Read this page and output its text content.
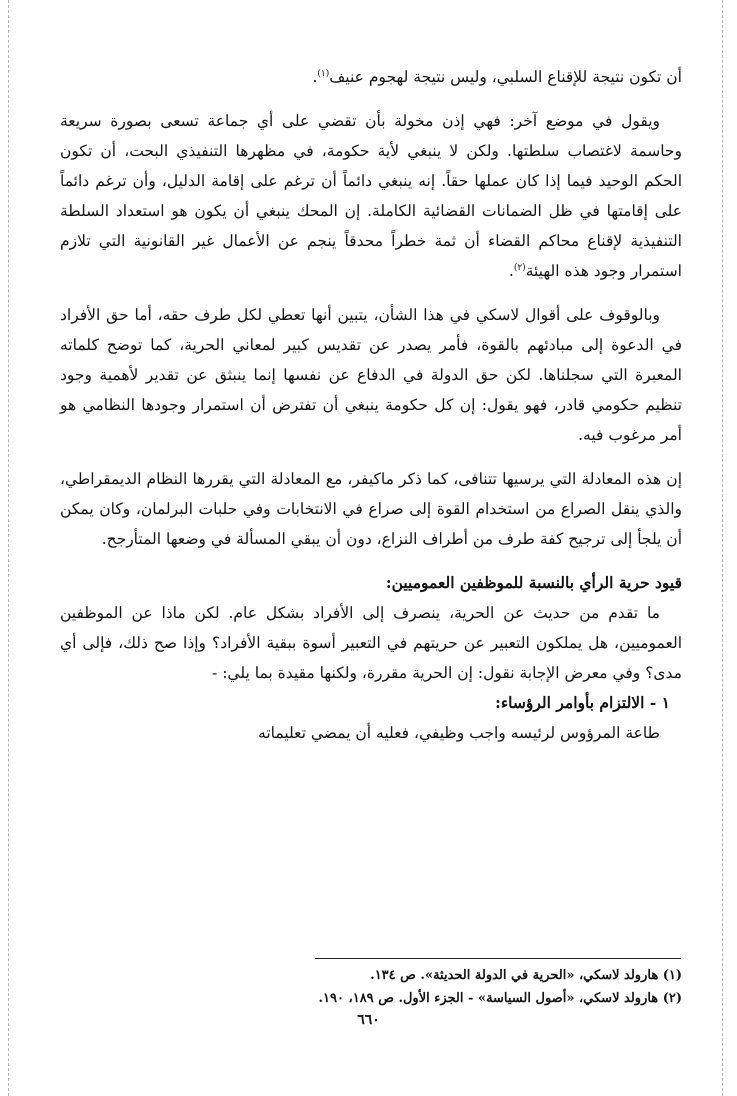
أن تكون نتيجة للإقناع السلبي، وليس نتيجة لهجوم عنيف$^{(١)}$.

ويقول في موضع آخر: فهي إذن مخولة بأن تقضي على أي جماعة تسعى بصورة سريعة وحاسمة لاغتصاب سلطتها. ولكن لا ينبغي لأية حكومة، في مظهرها التنفيذي البحت، أن تكون الحكم الوحيد فيما إذا كان عملها حقاً. إنه ينبغي دائماً أن ترغم على إقامة الدليل، وأن ترغم دائماً على إقامتها في ظل الضمانات القضائية الكاملة. إن المحك ينبغي أن يكون هو استعداد السلطة التنفيذية لإقناع محاكم القضاء أن ثمة خطراً محدقاً ينجم عن الأعمال غير القانونية التي تلازم استمرار وجود هذه الهيئة$^{(٢)}$.

وبالوقوف على أقوال لاسكي في هذا الشأن، يتبين أنها تعطي لكل طرف حقه، أما حق الأفراد في الدعوة إلى مبادئهم بالقوة، فأمر يصدر عن تقديس كبير لمعاني الحرية، كما توضح كلماته المعبرة التي سجلناها. لكن حق الدولة في الدفاع عن نفسها إنما ينبثق عن تقدير لأهمية وجود تنظيم حكومي قادر، فهو يقول: إن كل حكومة ينبغي أن تفترض أن استمرار وجودها النظامي هو أمر مرغوب فيه.

إن هذه المعادلة التي يرسيها تتنافى، كما ذكر ماكيفر، مع المعادلة التي يقررها النظام الديمقراطي، والذي ينقل الصراع من استخدام القوة إلى صراع في الانتخابات وفي حلبات البرلمان، وكان يمكن أن يلجأ إلى ترجيح كفة طرف من أطراف النزاع، دون أن يبقي المسألة في وضعها المتأرجح.

قيود حرية الرأي بالنسبة للموظفين العموميين:

ما تقدم من حديث عن الحرية، ينصرف إلى الأفراد بشكل عام. لكن ماذا عن الموظفين العموميين، هل يملكون التعبير عن حريتهم في التعبير أسوة ببقية الأفراد؟ وإذا صح ذلك، فإلى أي مدى؟ وفي معرض الإجابة نقول: إن الحرية مقررة، ولكنها مقيدة بما يلي: -

١ - الالتزام بأوامر الرؤساء:

طاعة المرؤوس لرئيسه واجب وظيفي، فعليه أن يمضي تعليماته

(١) هارولد لاسكي، «الحرية في الدولة الحديثة». ص ١٣٤.

(٢) هارولد لاسكي، «أصول السياسة» - الجزء الأول. ص ١٨٩، ١٩٠.

٦٦٠
